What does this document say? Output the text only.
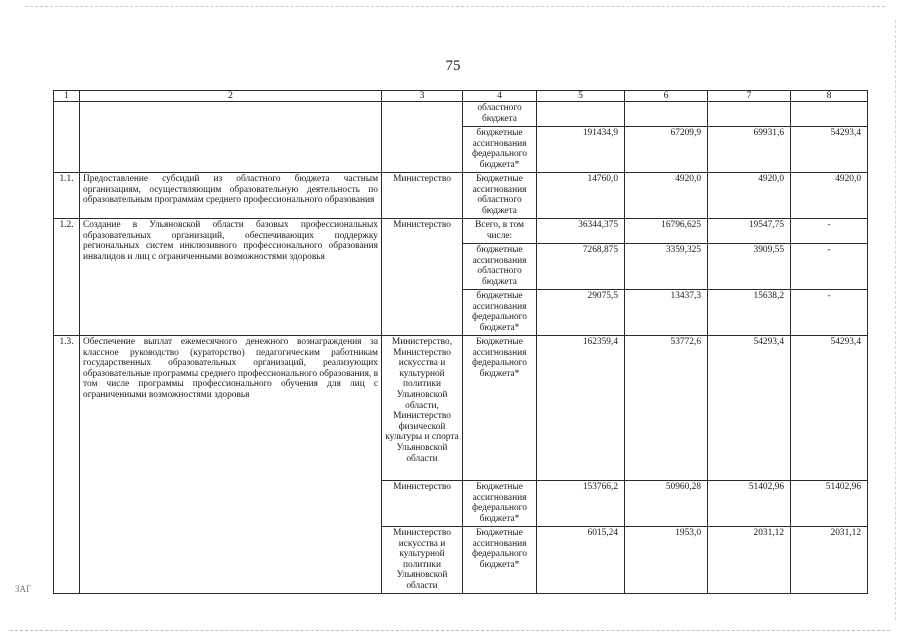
75
ЗАГ
1	2	3	4	5	6	7	8
			областного бюджета				
			бюджетные ассигнования федерального бюджета*	191434,9	67209,9	69931,6	54293,4
1.1.	Предоставление субсидий из областного бюджета частным организациям, осуществляющим образовательную деятельность по образовательным программам среднего профессионального образования	Министерство	Бюджетные ассигнования областного бюджета	14760,0	4920,0	4920,0	4920,0
1.2.	Создание в Ульяновской области базовых профессиональных образовательных организаций, обеспечивающих поддержку региональных систем инклюзивного профессионального образования инвалидов и лиц с ограниченными возможностями здоровья	Министерство	Всего, в том числе:	36344,375	16796,625	19547,75	-
			бюджетные ассигнования областного бюджета	7268,875	3359,325	3909,55	-
			бюджетные ассигнования федерального бюджета*	29075,5	13437,3	15638,2	-
1.3.	Обеспечение выплат ежемесячного денежного вознаграждения за классное руководство (кураторство) педагогическим работникам государственных образовательных организаций, реализующих образовательные программы среднего профессионального образования, в том числе программы профессионального обучения для лиц с ограниченными возможностями здоровья	Министерство, Министерство искусства и культурной политики Ульяновской области, Министерство физической культуры и спорта Ульяновской области	Бюджетные ассигнования федерального бюджета*	162359,4	53772,6	54293,4	54293,4
		Министерство	Бюджетные ассигнования федерального бюджета*	153766,2	50960,28	51402,96	51402,96
		Министерство искусства и культурной политики Ульяновской области	Бюджетные ассигнования федерального бюджета*	6015,24	1953,0	2031,12	2031,12
